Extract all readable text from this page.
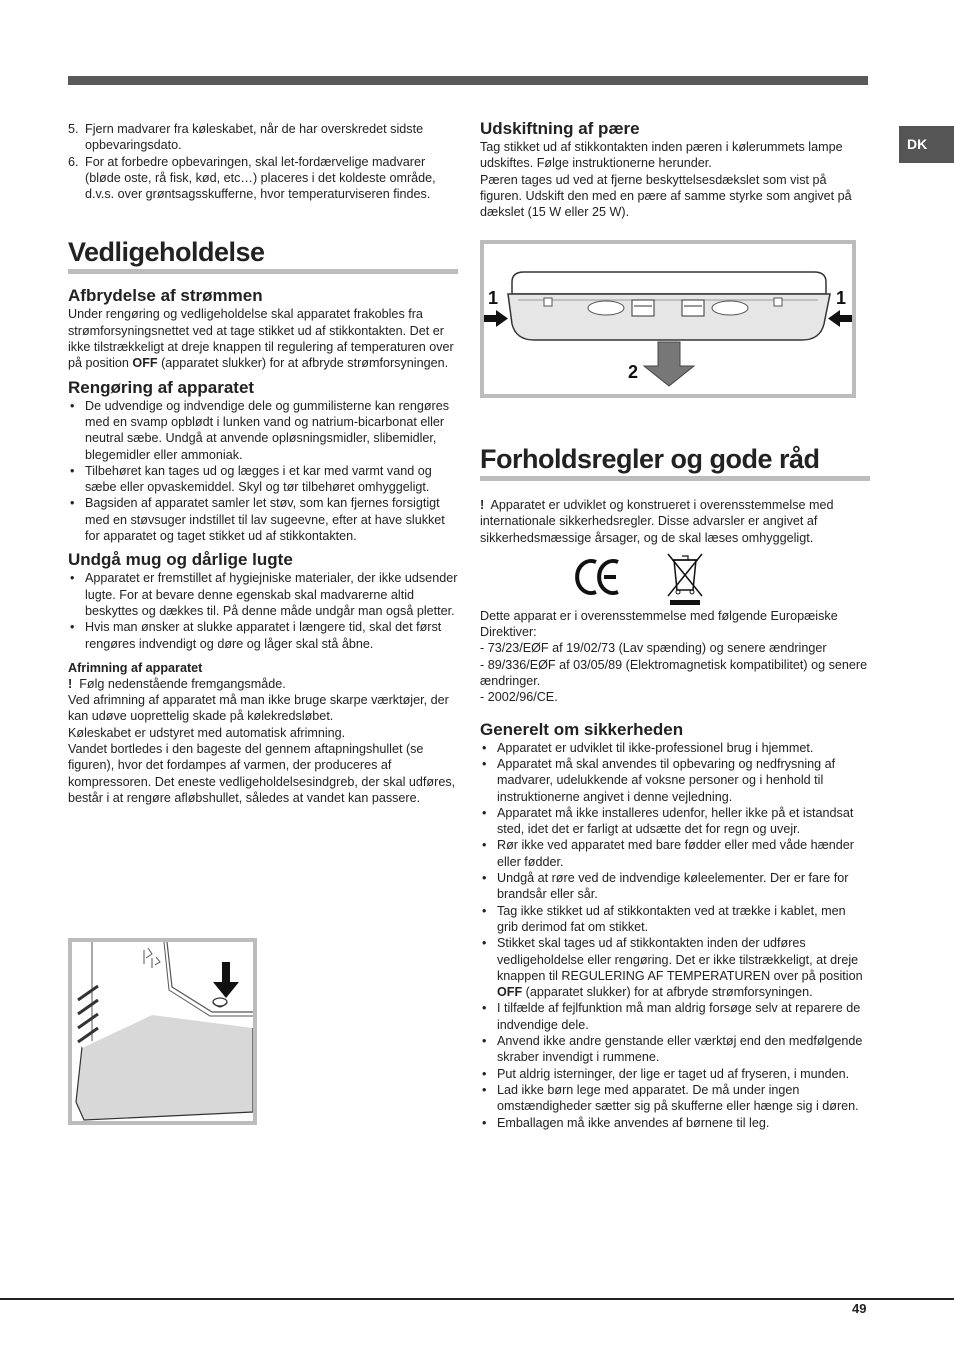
DK
5. Fjern madvarer fra køleskabet, når de har overskredet sidste opbevaringsdato.
6. For at forbedre opbevaringen, skal let-fordærvelige madvarer (bløde oste, rå fisk, kød, etc…) placeres i det koldeste område, d.v.s. over grøntsagsskufferne, hvor temperaturviseren findes.
Vedligeholdelse
Afbrydelse af strømmen

Under rengøring og vedligeholdelse skal apparatet frakobles fra strømforsyningsnettet ved at tage stikket ud af stikkontakten. Det er ikke tilstrækkeligt at dreje knappen til regulering af temperaturen over på position OFF (apparatet slukker) for at afbryde strømforsyningen.

Rengøring af apparatet
• De udvendige og indvendige dele og gummilisterne kan rengøres med en svamp opblødt i lunken vand og natrium-bicarbonat eller neutral sæbe. Undgå at anvende opløsningsmidler, slibemidler, blegemidler eller ammoniak.
• Tilbehøret kan tages ud og lægges i et kar med varmt vand og sæbe eller opvaskemiddel. Skyl og tør tilbehøret omhyggeligt.
• Bagsiden af apparatet samler let støv, som kan fjernes forsigtigt med en støvsuger indstillet til lav sugeevne, efter at have slukket for apparatet og taget stikket ud af stikkontakten.
Undgå mug og dårlige lugte
• Apparatet er fremstillet af hygiejniske materialer, der ikke udsender lugte. For at bevare denne egenskab skal madvarerne altid beskyttes og dækkes til. På denne måde undgår man også pletter.
• Hvis man ønsker at slukke apparatet i længere tid, skal det først rengøres indvendigt og døre og låger skal stå åbne.
Afrimning af apparatet

! Følg nedenstående fremgangsmåde.

Ved afrimning af apparatet må man ikke bruge skarpe værktøjer, der kan udøve uoprettelig skade på kølekredsløbet.

Køleskabet er udstyret med automatisk afrimning.

Vandet bortledes i den bageste del gennem aftapningshullet (se figuren), hvor det fordampes af varmen, der produceres af kompressoren. Det eneste vedligeholdelsesindgreb, der skal udføres, består i at rengøre afløbshullet, således at vandet kan passere.

Udskiftning af pære

Tag stikket ud af stikkontakten inden pæren i kølerummets lampe udskiftes. Følge instruktionerne herunder.

Pæren tages ud ved at fjerne beskyttelsesdækslet som vist på figuren. Udskift den med en pære af samme styrke som angivet på dækslet (15 W eller 25 W).

1	1
2
Forholdsregler og gode råd

! Apparatet er udviklet og konstrueret i overensstemmelse med internationale sikkerhedsregler. Disse advarsler er angivet af sikkerhedsmæssige årsager, og de skal læses omhyggeligt.

Dette apparat er i overensstemmelse med følgende Europæiske Direktiver:

- 73/23/EØF af 19/02/73 (Lav spænding) og senere ændringer

- 89/336/EØF af 03/05/89 (Elektromagnetisk kompatibilitet) og senere ændringer.

- 2002/96/CE.

Generelt om sikkerheden
• Apparatet er udviklet til ikke-professionel brug i hjemmet.
• Apparatet må skal anvendes til opbevaring og nedfrysning af madvarer, udelukkende af voksne personer og i henhold til instruktionerne angivet i denne vejledning.
• Apparatet må ikke installeres udenfor, heller ikke på et istandsat sted, idet det er farligt at udsætte det for regn og uvejr.
• Rør ikke ved apparatet med bare fødder eller med våde hænder eller fødder.
• Undgå at røre ved de indvendige køleelementer. Der er fare for brandsår eller sår.
• Tag ikke stikket ud af stikkontakten ved at trække i kablet, men grib derimod fat om stikket.
• Stikket skal tages ud af stikkontakten inden der udføres vedligeholdelse eller rengøring. Det er ikke tilstrækkeligt, at dreje knappen til REGULERING AF TEMPERATUREN over på position OFF (apparatet slukker) for at afbryde strømforsyningen.
• I tilfælde af fejlfunktion må man aldrig forsøge selv at reparere de indvendige dele.
• Anvend ikke andre genstande eller værktøj end den medfølgende skraber invendigt i rummene.
• Put aldrig isterninger, der lige er taget ud af fryseren, i munden.
• Lad ikke børn lege med apparatet. De må under ingen omstændigheder sætter sig på skufferne eller hænge sig i døren.
• Emballagen må ikke anvendes af børnene til leg.
49
